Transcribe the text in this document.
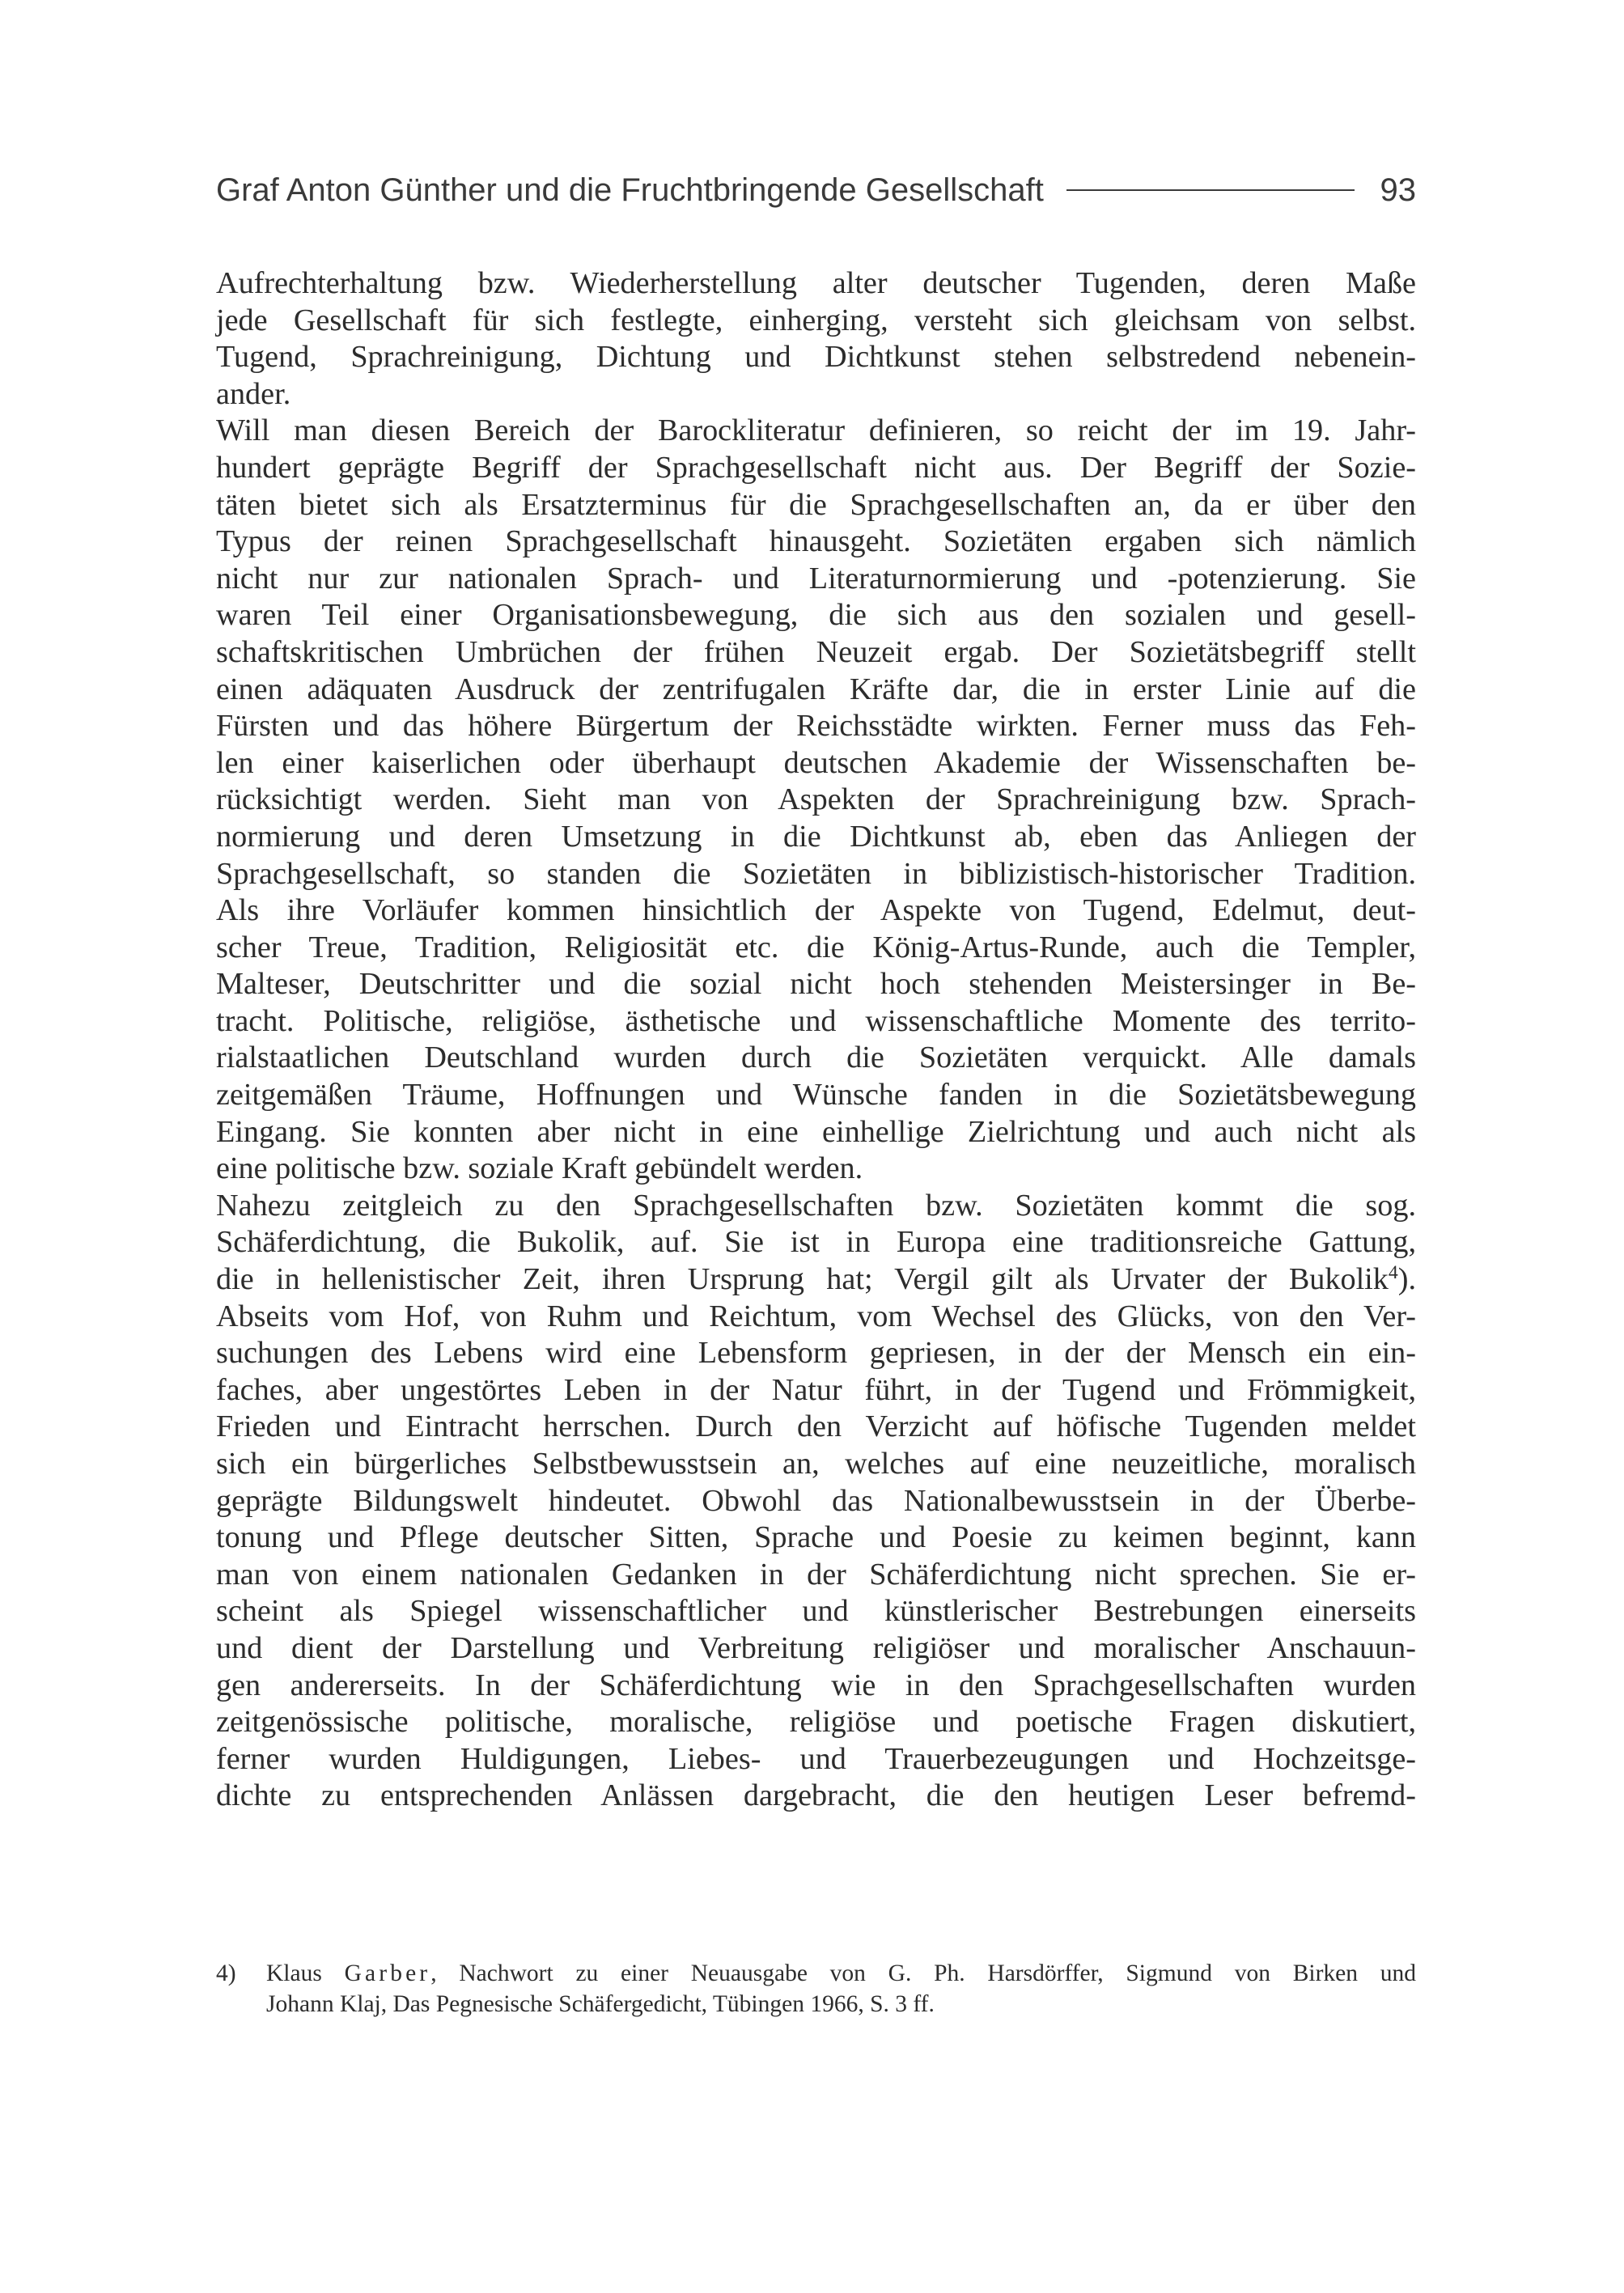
Graf Anton Günther und die Fruchtbringende Gesellschaft	93
Aufrechterhaltung bzw. Wiederherstellung alter deutscher Tugenden, deren Maße
jede Gesellschaft für sich festlegte, einherging, versteht sich gleichsam von selbst.
Tugend, Sprachreinigung, Dichtung und Dichtkunst stehen selbstredend nebenein-
ander.
Will man diesen Bereich der Barockliteratur definieren, so reicht der im 19. Jahr-
hundert geprägte Begriff der Sprachgesellschaft nicht aus. Der Begriff der Sozie-
täten bietet sich als Ersatzterminus für die Sprachgesellschaften an, da er über den
Typus der reinen Sprachgesellschaft hinausgeht. Sozietäten ergaben sich nämlich
nicht nur zur nationalen Sprach- und Literaturnormierung und -potenzierung. Sie
waren Teil einer Organisationsbewegung, die sich aus den sozialen und gesell-
schaftskritischen Umbrüchen der frühen Neuzeit ergab. Der Sozietätsbegriff stellt
einen adäquaten Ausdruck der zentrifugalen Kräfte dar, die in erster Linie auf die
Fürsten und das höhere Bürgertum der Reichsstädte wirkten. Ferner muss das Feh-
len einer kaiserlichen oder überhaupt deutschen Akademie der Wissenschaften be-
rücksichtigt werden. Sieht man von Aspekten der Sprachreinigung bzw. Sprach-
normierung und deren Umsetzung in die Dichtkunst ab, eben das Anliegen der
Sprachgesellschaft, so standen die Sozietäten in biblizistisch-historischer Tradition.
Als ihre Vorläufer kommen hinsichtlich der Aspekte von Tugend, Edelmut, deut-
scher Treue, Tradition, Religiosität etc. die König-Artus-Runde, auch die Templer,
Malteser, Deutschritter und die sozial nicht hoch stehenden Meistersinger in Be-
tracht. Politische, religiöse, ästhetische und wissenschaftliche Momente des territo-
rialstaatlichen Deutschland wurden durch die Sozietäten verquickt. Alle damals
zeitgemäßen Träume, Hoffnungen und Wünsche fanden in die Sozietätsbewegung
Eingang. Sie konnten aber nicht in eine einhellige Zielrichtung und auch nicht als
eine politische bzw. soziale Kraft gebündelt werden.
Nahezu zeitgleich zu den Sprachgesellschaften bzw. Sozietäten kommt die sog.
Schäferdichtung, die Bukolik, auf. Sie ist in Europa eine traditionsreiche Gattung,
die in hellenistischer Zeit, ihren Ursprung hat; Vergil gilt als Urvater der Bukolik$^4$).
Abseits vom Hof, von Ruhm und Reichtum, vom Wechsel des Glücks, von den Ver-
suchungen des Lebens wird eine Lebensform gepriesen, in der der Mensch ein ein-
faches, aber ungestörtes Leben in der Natur führt, in der Tugend und Frömmigkeit,
Frieden und Eintracht herrschen. Durch den Verzicht auf höfische Tugenden meldet
sich ein bürgerliches Selbstbewusstsein an, welches auf eine neuzeitliche, moralisch
geprägte Bildungswelt hindeutet. Obwohl das Nationalbewusstsein in der Überbe-
tonung und Pflege deutscher Sitten, Sprache und Poesie zu keimen beginnt, kann
man von einem nationalen Gedanken in der Schäferdichtung nicht sprechen. Sie er-
scheint als Spiegel wissenschaftlicher und künstlerischer Bestrebungen einerseits
und dient der Darstellung und Verbreitung religiöser und moralischer Anschauun-
gen andererseits. In der Schäferdichtung wie in den Sprachgesellschaften wurden
zeitgenössische politische, moralische, religiöse und poetische Fragen diskutiert,
ferner wurden Huldigungen, Liebes- und Trauerbezeugungen und Hochzeitsge-
dichte zu entsprechenden Anlässen dargebracht, die den heutigen Leser befremd-
4)	Klaus Garber, Nachwort zu einer Neuausgabe von G. Ph. Harsdörffer, Sigmund von Birken und
Johann Klaj, Das Pegnesische Schäfergedicht, Tübingen 1966, S. 3 ff.
